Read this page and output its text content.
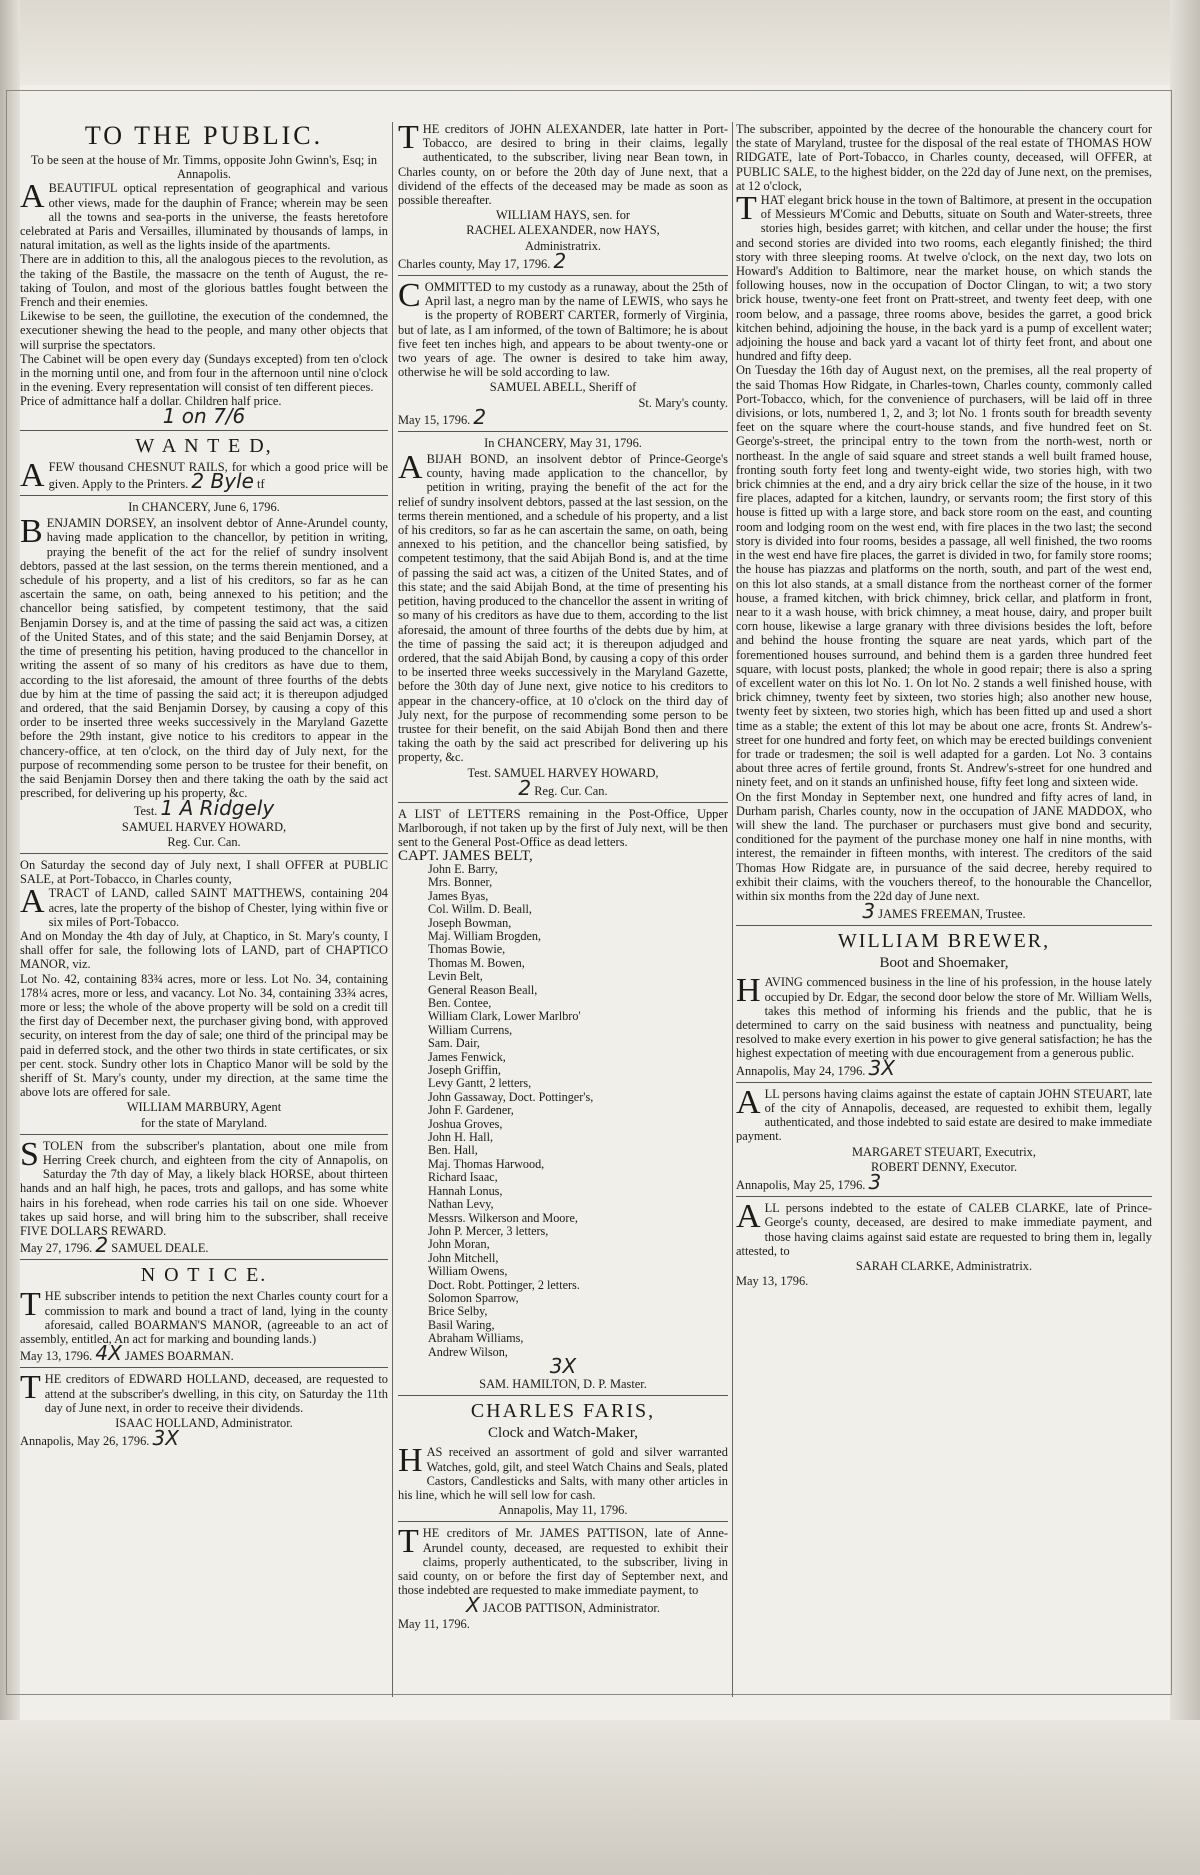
TO THE PUBLIC.

To be seen at the house of Mr. Timms, opposite John Gwinn's, Esq; in Annapolis.

ABEAUTIFUL optical representation of geographical and various other views, made for the dauphin of France; wherein may be seen all the towns and sea-ports in the universe, the feasts heretofore celebrated at Paris and Versailles, illuminated by thousands of lamps, in natural imitation, as well as the lights inside of the apartments.

There are in addition to this, all the analogous pieces to the revolution, as the taking of the Bastile, the massacre on the tenth of August, the re-taking of Toulon, and most of the glorious battles fought between the French and their enemies.

Likewise to be seen, the guillotine, the execution of the condemned, the executioner shewing the head to the people, and many other objects that will surprise the spectators.

The Cabinet will be open every day (Sundays excepted) from ten o'clock in the morning until one, and from four in the afternoon until nine o'clock in the evening. Every representation will consist of ten different pieces.

Price of admittance half a dollar. Children half price.

1 on 7/6

W A N T E D,

AFEW thousand CHESNUT RAILS, for which a good price will be given. Apply to the Printers. 2 Byle tf

In CHANCERY, June 6, 1796.

BENJAMIN DORSEY, an insolvent debtor of Anne-Arundel county, having made application to the chancellor, by petition in writing, praying the benefit of the act for the relief of sundry insolvent debtors, passed at the last session, on the terms therein mentioned, and a schedule of his property, and a list of his creditors, so far as he can ascertain the same, on oath, being annexed to his petition; and the chancellor being satisfied, by competent testimony, that the said Benjamin Dorsey is, and at the time of passing the said act was, a citizen of the United States, and of this state; and the said Benjamin Dorsey, at the time of presenting his petition, having produced to the chancellor in writing the assent of so many of his creditors as have due to them, according to the list aforesaid, the amount of three fourths of the debts due by him at the time of passing the said act; it is thereupon adjudged and ordered, that the said Benjamin Dorsey, by causing a copy of this order to be inserted three weeks successively in the Maryland Gazette before the 29th instant, give notice to his creditors to appear in the chancery-office, at ten o'clock, on the third day of July next, for the purpose of recommending some person to be trustee for their benefit, on the said Benjamin Dorsey then and there taking the oath by the said act prescribed, for delivering up his property, &c.

Test. 1 A Ridgely

SAMUEL HARVEY HOWARD,

Reg. Cur. Can.

On Saturday the second day of July next, I shall OFFER at PUBLIC SALE, at Port-Tobacco, in Charles county,

ATRACT of LAND, called SAINT MATTHEWS, containing 204 acres, late the property of the bishop of Chester, lying within five or six miles of Port-Tobacco.

And on Monday the 4th day of July, at Chaptico, in St. Mary's county, I shall offer for sale, the following lots of LAND, part of CHAPTICO MANOR, viz.

Lot No. 42, containing 83¾ acres, more or less. Lot No. 34, containing 178¼ acres, more or less, and vacancy. Lot No. 34, containing 33¾ acres, more or less; the whole of the above property will be sold on a credit till the first day of December next, the purchaser giving bond, with approved security, on interest from the day of sale; one third of the principal may be paid in deferred stock, and the other two thirds in state certificates, or six per cent. stock. Sundry other lots in Chaptico Manor will be sold by the sheriff of St. Mary's county, under my direction, at the same time the above lots are offered for sale.

WILLIAM MARBURY, Agent

for the state of Maryland.

STOLEN from the subscriber's plantation, about one mile from Herring Creek church, and eighteen from the city of Annapolis, on Saturday the 7th day of May, a likely black HORSE, about thirteen hands and an half high, he paces, trots and gallops, and has some white hairs in his forehead, when rode carries his tail on one side. Whoever takes up said horse, and will bring him to the subscriber, shall receive FIVE DOLLARS REWARD.

May 27, 1796. 2 SAMUEL DEALE.

N O T I C E.

THE subscriber intends to petition the next Charles county court for a commission to mark and bound a tract of land, lying in the county aforesaid, called BOARMAN'S MANOR, (agreeable to an act of assembly, entitled, An act for marking and bounding lands.)

May 13, 1796. 4X JAMES BOARMAN.

THE creditors of EDWARD HOLLAND, deceased, are requested to attend at the subscriber's dwelling, in this city, on Saturday the 11th day of June next, in order to receive their dividends.

ISAAC HOLLAND, Administrator.

Annapolis, May 26, 1796. 3X

THE creditors of JOHN ALEXANDER, late hatter in Port-Tobacco, are desired to bring in their claims, legally authenticated, to the subscriber, living near Bean town, in Charles county, on or before the 20th day of June next, that a dividend of the effects of the deceased may be made as soon as possible thereafter.

WILLIAM HAYS, sen. for

RACHEL ALEXANDER, now HAYS,

Administratrix.

Charles county, May 17, 1796. 2

COMMITTED to my custody as a runaway, about the 25th of April last, a negro man by the name of LEWIS, who says he is the property of ROBERT CARTER, formerly of Virginia, but of late, as I am informed, of the town of Baltimore; he is about five feet ten inches high, and appears to be about twenty-one or two years of age. The owner is desired to take him away, otherwise he will be sold according to law.

SAMUEL ABELL, Sheriff of

St. Mary's county.

May 15, 1796. 2

In CHANCERY, May 31, 1796.

ABIJAH BOND, an insolvent debtor of Prince-George's county, having made application to the chancellor, by petition in writing, praying the benefit of the act for the relief of sundry insolvent debtors, passed at the last session, on the terms therein mentioned, and a schedule of his property, and a list of his creditors, so far as he can ascertain the same, on oath, being annexed to his petition, and the chancellor being satisfied, by competent testimony, that the said Abijah Bond is, and at the time of passing the said act was, a citizen of the United States, and of this state; and the said Abijah Bond, at the time of presenting his petition, having produced to the chancellor the assent in writing of so many of his creditors as have due to them, according to the list aforesaid, the amount of three fourths of the debts due by him, at the time of passing the said act; it is thereupon adjudged and ordered, that the said Abijah Bond, by causing a copy of this order to be inserted three weeks successively in the Maryland Gazette, before the 30th day of June next, give notice to his creditors to appear in the chancery-office, at 10 o'clock on the third day of July next, for the purpose of recommending some person to be trustee for their benefit, on the said Abijah Bond then and there taking the oath by the said act prescribed for delivering up his property, &c.

Test. SAMUEL HARVEY HOWARD,

2 Reg. Cur. Can.

A LIST of LETTERS remaining in the Post-Office, Upper Marlborough, if not taken up by the first of July next, will be then sent to the General Post-Office as dead letters.

CAPT. JAMES BELT,

John E. Barry,

Mrs. Bonner,

James Byas,

Col. Willm. D. Beall,

Joseph Bowman,

Maj. William Brogden,

Thomas Bowie,

Thomas M. Bowen,

Levin Belt,

General Reason Beall,

Ben. Contee,

William Clark, Lower Marlbro'

William Currens,

Sam. Dair,

James Fenwick,

Joseph Griffin,

Levy Gantt, 2 letters,

John Gassaway, Doct. Pottinger's,

John F. Gardener,

Joshua Groves,

John H. Hall,

Ben. Hall,

Maj. Thomas Harwood,

Richard Isaac,

Hannah Lonus,

Nathan Levy,

Messrs. Wilkerson and Moore,

John P. Mercer, 3 letters,

John Moran,

John Mitchell,

William Owens,

Doct. Robt. Pottinger, 2 letters.

Solomon Sparrow,

Brice Selby,

Basil Waring,

Abraham Williams,

Andrew Wilson,

3X

SAM. HAMILTON, D. P. Master.

CHARLES FARIS,

Clock and Watch-Maker,

HAS received an assortment of gold and silver warranted Watches, gold, gilt, and steel Watch Chains and Seals, plated Castors, Candlesticks and Salts, with many other articles in his line, which he will sell low for cash.

Annapolis, May 11, 1796.

THE creditors of Mr. JAMES PATTISON, late of Anne-Arundel county, deceased, are requested to exhibit their claims, properly authenticated, to the subscriber, living in said county, on or before the first day of September next, and those indebted are requested to make immediate payment, to

X JACOB PATTISON, Administrator.

May 11, 1796.

The subscriber, appointed by the decree of the honourable the chancery court for the state of Maryland, trustee for the disposal of the real estate of THOMAS HOW RIDGATE, late of Port-Tobacco, in Charles county, deceased, will OFFER, at PUBLIC SALE, to the highest bidder, on the 22d day of June next, on the premises, at 12 o'clock,

THAT elegant brick house in the town of Baltimore, at present in the occupation of Messieurs M'Comic and Debutts, situate on South and Water-streets, three stories high, besides garret; with kitchen, and cellar under the house; the first and second stories are divided into two rooms, each elegantly finished; the third story with three sleeping rooms. At twelve o'clock, on the next day, two lots on Howard's Addition to Baltimore, near the market house, on which stands the following houses, now in the occupation of Doctor Clingan, to wit; a two story brick house, twenty-one feet front on Pratt-street, and twenty feet deep, with one room below, and a passage, three rooms above, besides the garret, a good brick kitchen behind, adjoining the house, in the back yard is a pump of excellent water; adjoining the house and back yard a vacant lot of thirty feet front, and about one hundred and fifty deep.

On Tuesday the 16th day of August next, on the premises, all the real property of the said Thomas How Ridgate, in Charles-town, Charles county, commonly called Port-Tobacco, which, for the convenience of purchasers, will be laid off in three divisions, or lots, numbered 1, 2, and 3; lot No. 1 fronts south for breadth seventy feet on the square where the court-house stands, and five hundred feet on St. George's-street, the principal entry to the town from the north-west, north or northeast. In the angle of said square and street stands a well built framed house, fronting south forty feet long and twenty-eight wide, two stories high, with two brick chimnies at the end, and a dry airy brick cellar the size of the house, in it two fire places, adapted for a kitchen, laundry, or servants room; the first story of this house is fitted up with a large store, and back store room on the east, and counting room and lodging room on the west end, with fire places in the two last; the second story is divided into four rooms, besides a passage, all well finished, the two rooms in the west end have fire places, the garret is divided in two, for family store rooms; the house has piazzas and platforms on the north, south, and part of the west end, on this lot also stands, at a small distance from the northeast corner of the former house, a framed kitchen, with brick chimney, brick cellar, and platform in front, near to it a wash house, with brick chimney, a meat house, dairy, and proper built corn house, likewise a large granary with three divisions besides the loft, before and behind the house fronting the square are neat yards, which part of the forementioned houses surround, and behind them is a garden three hundred feet square, with locust posts, planked; the whole in good repair; there is also a spring of excellent water on this lot No. 1. On lot No. 2 stands a well finished house, with brick chimney, twenty feet by sixteen, two stories high; also another new house, twenty feet by sixteen, two stories high, which has been fitted up and used a short time as a stable; the extent of this lot may be about one acre, fronts St. Andrew's-street for one hundred and forty feet, on which may be erected buildings convenient for trade or tradesmen; the soil is well adapted for a garden. Lot No. 3 contains about three acres of fertile ground, fronts St. Andrew's-street for one hundred and ninety feet, and on it stands an unfinished house, fifty feet long and sixteen wide.

On the first Monday in September next, one hundred and fifty acres of land, in Durham parish, Charles county, now in the occupation of JANE MADDOX, who will shew the land. The purchaser or purchasers must give bond and security, conditioned for the payment of the purchase money one half in nine months, with interest, the remainder in fifteen months, with interest. The creditors of the said Thomas How Ridgate are, in pursuance of the said decree, hereby required to exhibit their claims, with the vouchers thereof, to the honourable the Chancellor, within six months from the 22d day of June next.

3 JAMES FREEMAN, Trustee.

WILLIAM BREWER,

Boot and Shoemaker,

HAVING commenced business in the line of his profession, in the house lately occupied by Dr. Edgar, the second door below the store of Mr. William Wells, takes this method of informing his friends and the public, that he is determined to carry on the said business with neatness and punctuality, being resolved to make every exertion in his power to give general satisfaction; he has the highest expectation of meeting with due encouragement from a generous public.

Annapolis, May 24, 1796. 3X

ALL persons having claims against the estate of captain JOHN STEUART, late of the city of Annapolis, deceased, are requested to exhibit them, legally authenticated, and those indebted to said estate are desired to make immediate payment.

MARGARET STEUART, Executrix,

ROBERT DENNY, Executor.

Annapolis, May 25, 1796. 3

ALL persons indebted to the estate of CALEB CLARKE, late of Prince-George's county, deceased, are desired to make immediate payment, and those having claims against said estate are requested to bring them in, legally attested, to

SARAH CLARKE, Administratrix.

May 13, 1796.
